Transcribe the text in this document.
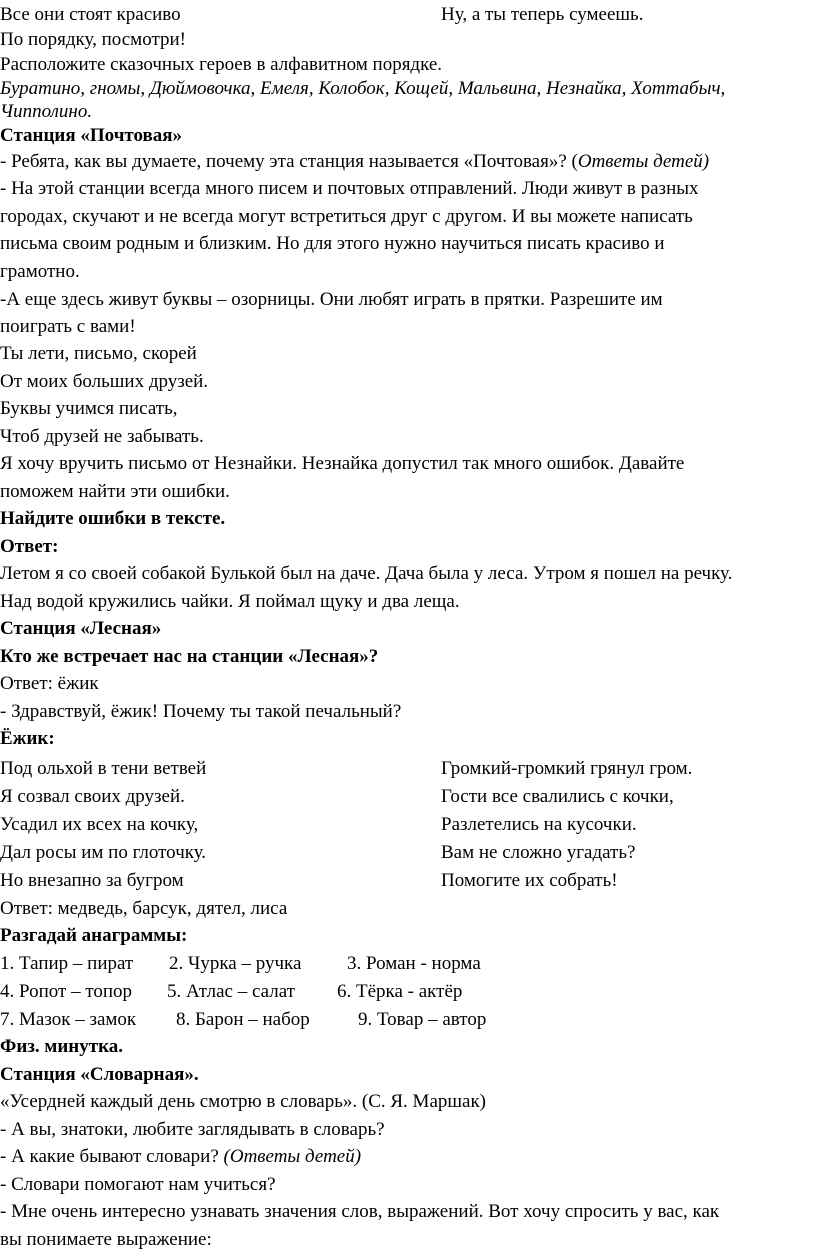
Все они стоят красиво	Ну, а ты теперь сумеешь.
По порядку, посмотри!
Расположите сказочных героев в алфавитном порядке.
Буратино, гномы, Дюймовочка, Емеля, Колобок, Кощей, Мальвина, Незнайка, Хоттабыч,
Чипполино.
Станция «Почтовая»
- Ребята, как вы думаете, почему эта станция называется «Почтовая»? (Ответы детей)
- На этой станции всегда много писем и почтовых отправлений. Люди живут в разных
городах, скучают и не всегда могут встретиться друг с другом. И вы можете написать
письма своим родным и близким. Но для этого нужно научиться писать красиво и
грамотно.
-А еще здесь живут буквы – озорницы. Они любят играть в прятки. Разрешите им
поиграть с вами!
Ты лети, письмо, скорей
От моих больших друзей.
Буквы учимся писать,
Чтоб друзей не забывать.
Я хочу вручить письмо от Незнайки. Незнайка допустил так много ошибок. Давайте
поможем найти эти ошибки.
Найдите ошибки в тексте.
Ответ:
Летом я со своей собакой Булькой был на даче. Дача была у леса. Утром я пошел на речку.
Над водой кружились чайки. Я поймал щуку и два леща.
Станция «Лесная»
Кто же встречает нас на станции «Лесная»?
Ответ: ёжик
- Здравствуй, ёжик! Почему ты такой печальный?
Ёжик:
Под ольхой в тени ветвей	Громкий-громкий грянул гром.
Я созвал своих друзей.	Гости все свалились с кочки,
Усадил их всех на кочку,	Разлетелись на кусочки.
Дал росы им по глоточку.	Вам не сложно угадать?
Но внезапно за бугром	Помогите их собрать!
Ответ: медведь, барсук, дятел, лиса
Разгадай анаграммы:
1. Тапир – пират 2. Чурка – ручка 3. Роман - норма
4. Ропот – топор 5. Атлас – салат 6. Тёрка - актёр
7. Мазок – замок 8. Барон – набор	9. Товар – автор
Физ. минутка.
Станция «Словарная».
«Усердней каждый день смотрю в словарь». (С. Я. Маршак)
- А вы, знатоки, любите заглядывать в словарь?
- А какие бывают словари? (Ответы детей)
- Словари помогают нам учиться?
- Мне очень интересно узнавать значения слов, выражений. Вот хочу спросить у вас, как
вы понимаете выражение:
